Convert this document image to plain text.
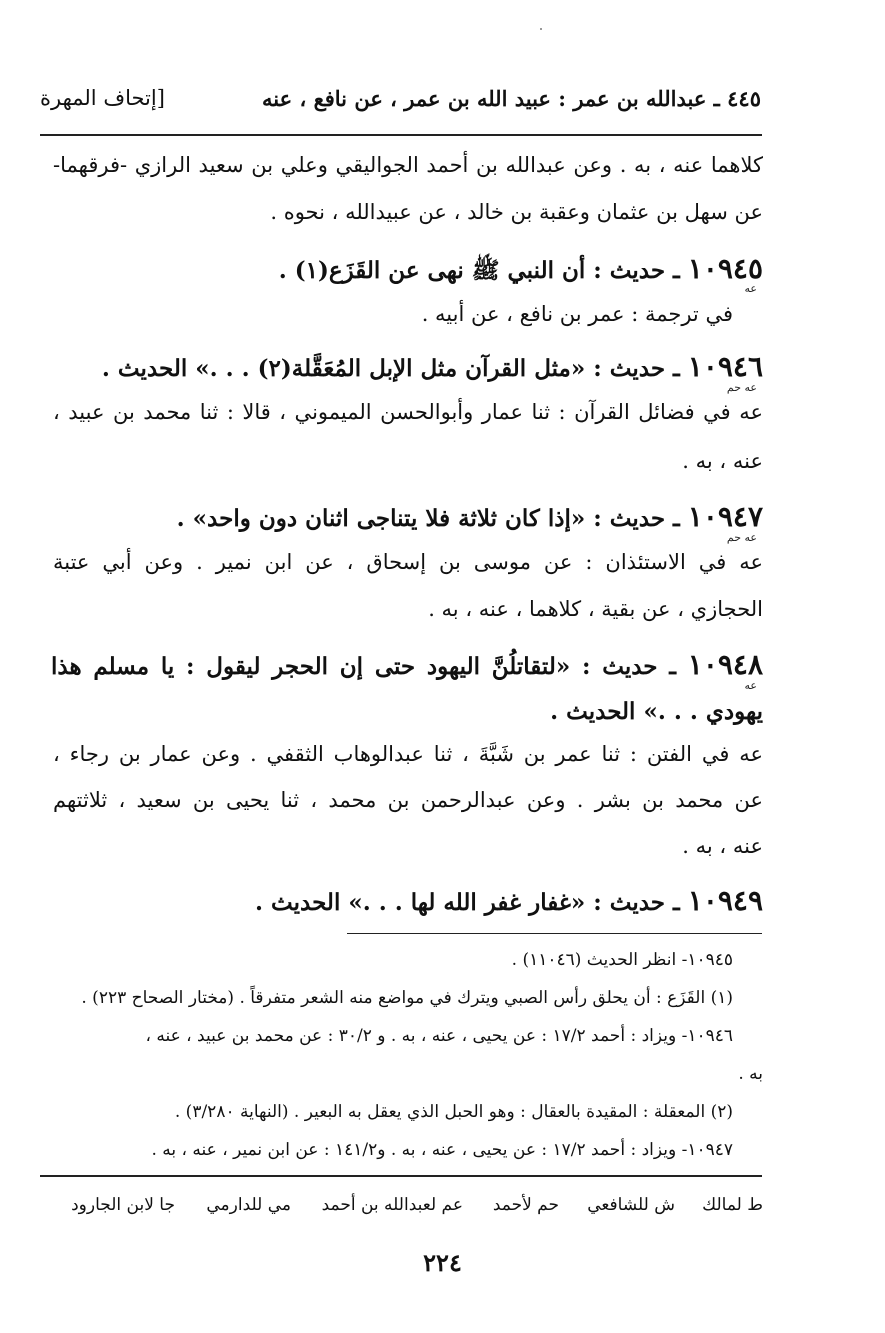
٤٤٥ ـ عبدالله بن عمر : عبيد الله بن عمر ، عن نافع ، عنه
[إتحاف المهرة
كلاهما عنه ، به . وعن عبدالله بن أحمد الجواليقي وعلي بن سعيد الرازي -فرقهما-
عن سهل بن عثمان وعقبة بن خالد ، عن عبيدالله ، نحوه .
١٠٩٤٥ ـ حديث : أن النبي ﷺ نهى عن القَزَع(١) .
عه
في ترجمة : عمر بن نافع ، عن أبيه .
١٠٩٤٦ ـ حديث : «مثل القرآن مثل الإبل المُعَقَّلة(٢) . . .» الحديث .
عه حم
عه في فضائل القرآن : ثنا عمار وأبوالحسن الميموني ، قالا : ثنا محمد بن عبيد ،
عنه ، به .
١٠٩٤٧ ـ حديث : «إذا كان ثلاثة فلا يتناجى اثنان دون واحد» .
عه حم
عه في الاستئذان : عن موسى بن إسحاق ، عن ابن نمير . وعن أبي عتبة
الحجازي ، عن بقية ، كلاهما ، عنه ، به .
١٠٩٤٨ ـ حديث : «لتقاتلُنَّ اليهود حتى إن الحجر ليقول : يا مسلم هذا
عه
يهودي . . .» الحديث .
عه في الفتن : ثنا عمر بن شَبَّةَ ، ثنا عبدالوهاب الثقفي . وعن عمار بن رجاء ،
عن محمد بن بشر . وعن عبدالرحمن بن محمد ، ثنا يحيى بن سعيد ، ثلاثتهم
عنه ، به .
١٠٩٤٩ ـ حديث : «غفار غفر الله لها . . .» الحديث .
١٠٩٤٥- انظر الحديث (١١٠٤٦) .
(١) القَزَع : أن يحلق رأس الصبي ويترك في مواضع منه الشعر متفرقاً . (مختار الصحاح ٢٢٣) .
١٠٩٤٦- ويزاد : أحمد ١٧/٢ : عن يحيى ، عنه ، به . و ٣٠/٢ : عن محمد بن عبيد ، عنه ،
به .
(٢) المعقلة : المقيدة بالعقال : وهو الحبل الذي يعقل به البعير . (النهاية ٣/٢٨٠) .
١٠٩٤٧- ويزاد : أحمد ١٧/٢ : عن يحيى ، عنه ، به . و١٤١/٢ : عن ابن نمير ، عنه ، به .
ط لمالك
ش للشافعي
حم لأحمد
عم لعبدالله بن أحمد
مي للدارمي
جا لابن الجارود
٢٢٤
